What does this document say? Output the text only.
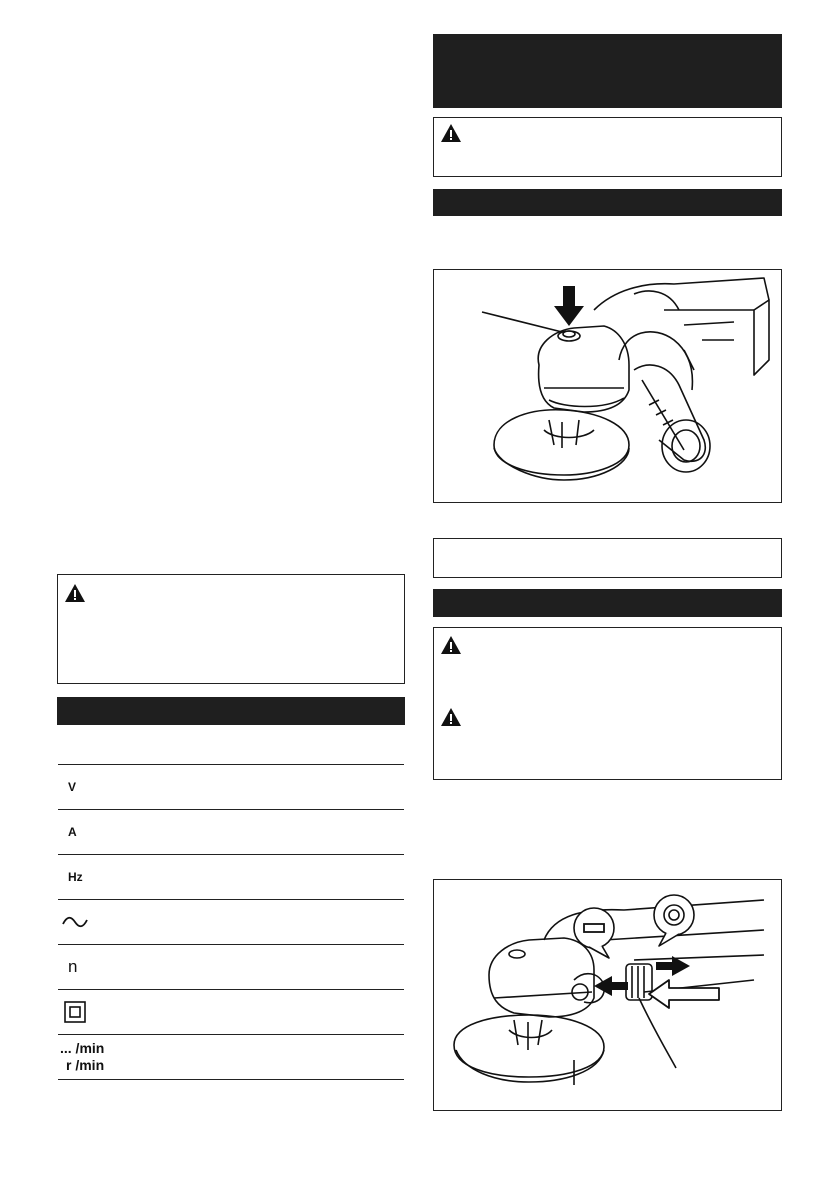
V
A
Hz
n
... /min
r /min
